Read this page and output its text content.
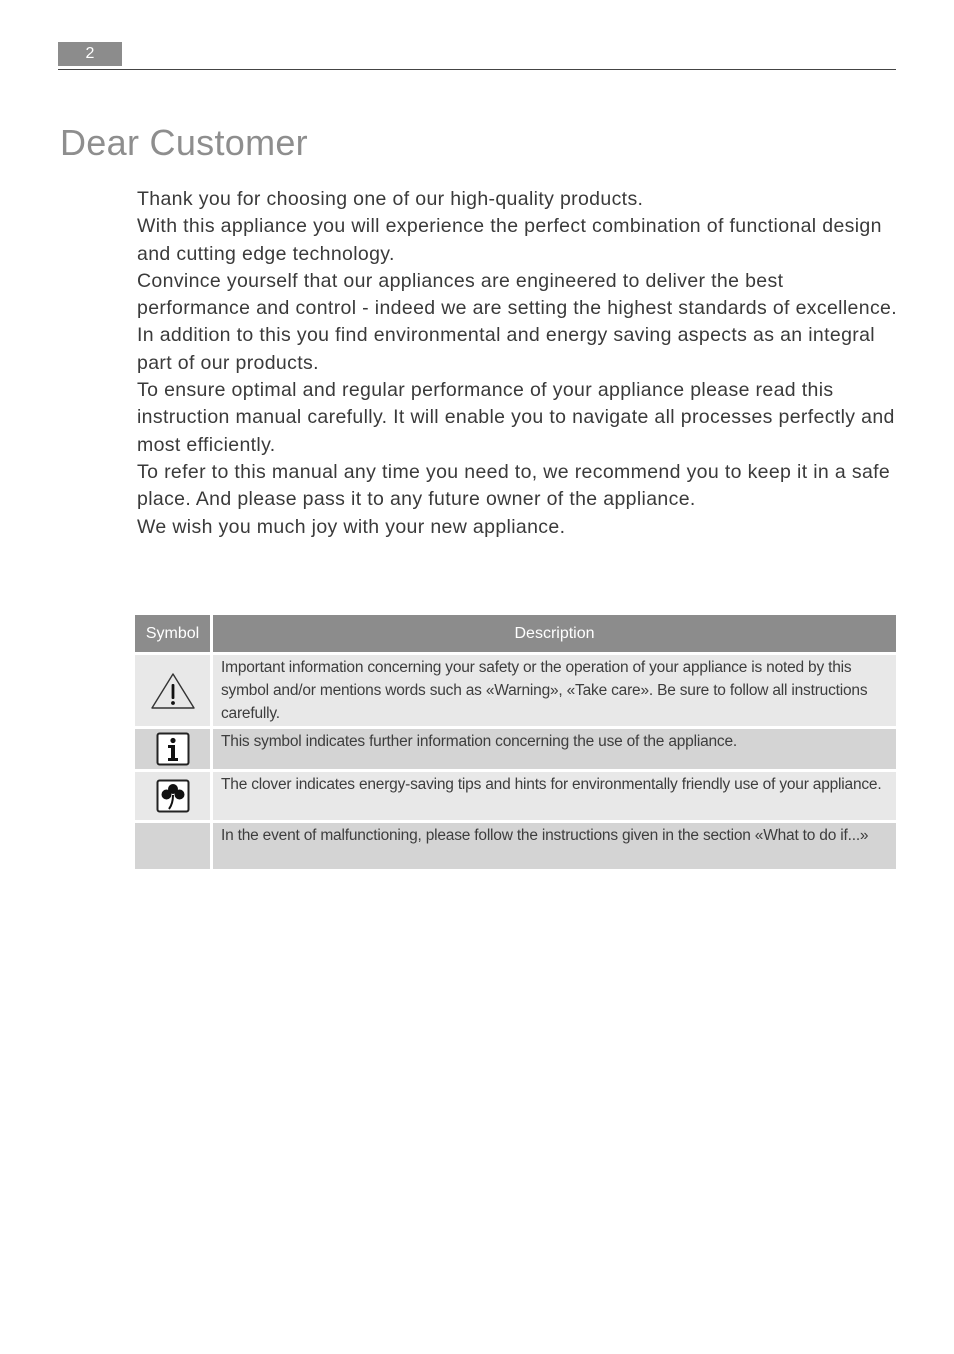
2
Dear Customer

Thank you for choosing one of our high-quality products.

With this appliance you will experience the perfect combination of functional design and cutting edge technology.

Convince yourself that our appliances are engineered to deliver the best performance and control - indeed we are setting the highest standards of excellence.

In addition to this you find environmental and energy saving aspects as an integral part of our products.

To ensure optimal and regular performance of your appliance please read this instruction manual carefully. It will enable you to navigate all processes perfectly and most efficiently.

To refer to this manual any time you need to, we recommend you to keep it in a safe place. And please pass it to any future owner of the appliance.

We wish you much joy with your new appliance.

Symbol	Description
	Important information concerning your safety or the operation of your appliance is noted by this symbol and/or mentions words such as «Warning», «Take care». Be sure to follow all instructions carefully.
	This symbol indicates further information concerning the use of the appliance.
	The clover indicates energy-saving tips and hints for environmentally friendly use of your appliance.
	In the event of malfunctioning, please follow the instructions given in the section «What to do if...»
